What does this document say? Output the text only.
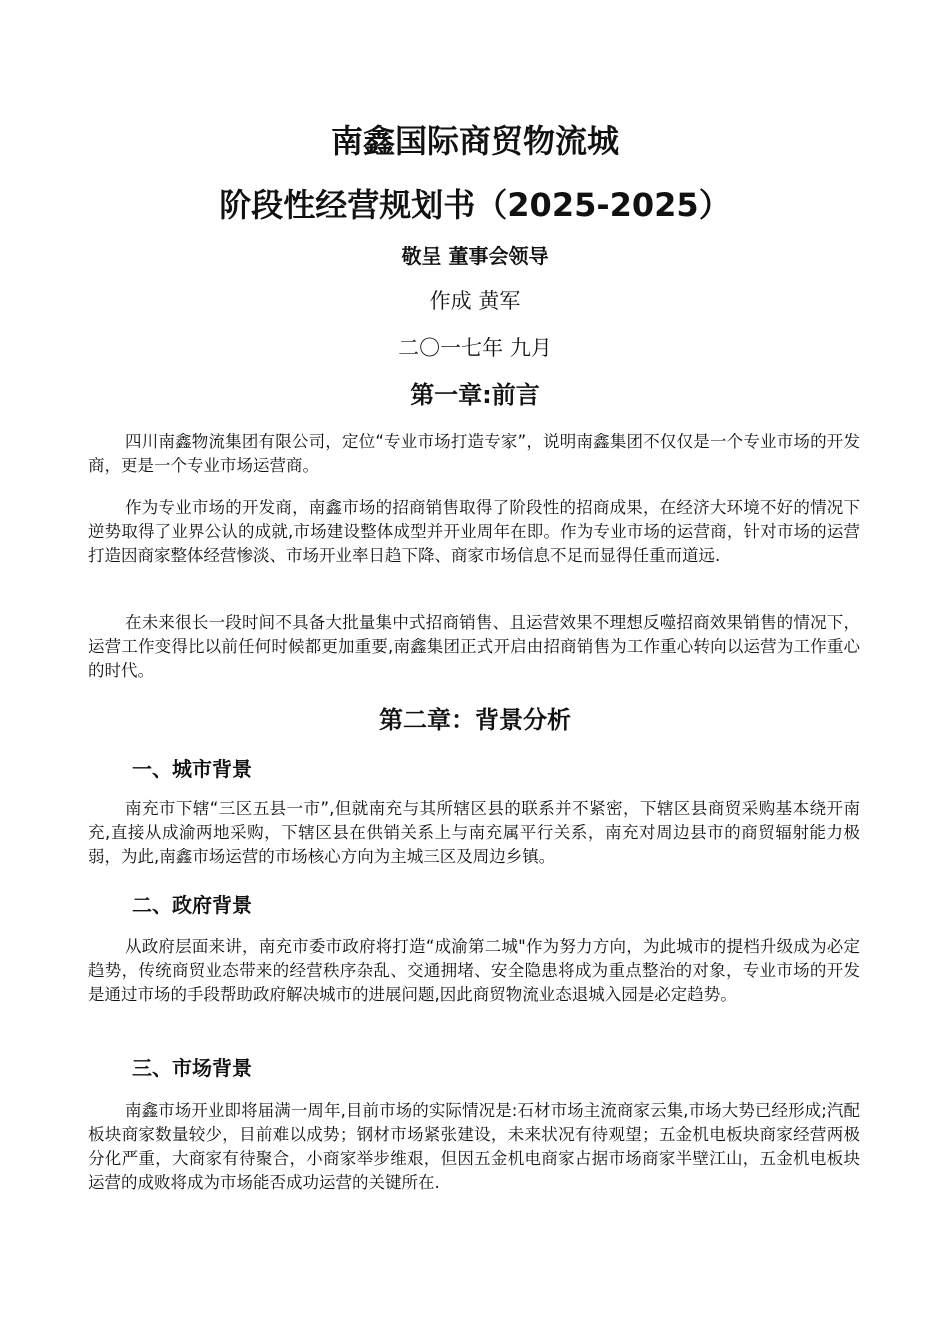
南鑫国际商贸物流城
阶段性经营规划书（2025-2025）

敬呈 董事会领导

作成 黄军

二〇一七年 九月

第一章:前言

四川南鑫物流集团有限公司，定位“专业市场打造专家”，说明南鑫集团不仅仅是一个专业市场的开发商，更是一个专业市场运营商。

作为专业市场的开发商，南鑫市场的招商销售取得了阶段性的招商成果，在经济大环境不好的情况下逆势取得了业界公认的成就,市场建设整体成型并开业周年在即。作为专业市场的运营商，针对市场的运营打造因商家整体经营惨淡、市场开业率日趋下降、商家市场信息不足而显得任重而道远.

在未来很长一段时间不具备大批量集中式招商销售、且运营效果不理想反噬招商效果销售的情况下，运营工作变得比以前任何时候都更加重要,南鑫集团正式开启由招商销售为工作重心转向以运营为工作重心的时代。

第二章：背景分析
一、城市背景

南充市下辖“三区五县一市”,但就南充与其所辖区县的联系并不紧密，下辖区县商贸采购基本绕开南充,直接从成渝两地采购，下辖区县在供销关系上与南充属平行关系，南充对周边县市的商贸辐射能力极弱，为此,南鑫市场运营的市场核心方向为主城三区及周边乡镇。

二、政府背景

从政府层面来讲，南充市委市政府将打造“成渝第二城"作为努力方向，为此城市的提档升级成为必定趋势，传统商贸业态带来的经营秩序杂乱、交通拥堵、安全隐患将成为重点整治的对象，专业市场的开发是通过市场的手段帮助政府解决城市的进展问题,因此商贸物流业态退城入园是必定趋势。

三、市场背景

南鑫市场开业即将届满一周年,目前市场的实际情况是:石材市场主流商家云集,市场大势已经形成;汽配板块商家数量较少，目前难以成势；钢材市场紧张建设，未来状况有待观望；五金机电板块商家经营两极分化严重，大商家有待聚合，小商家举步维艰，但因五金机电商家占据市场商家半壁江山，五金机电板块运营的成败将成为市场能否成功运营的关键所在.
